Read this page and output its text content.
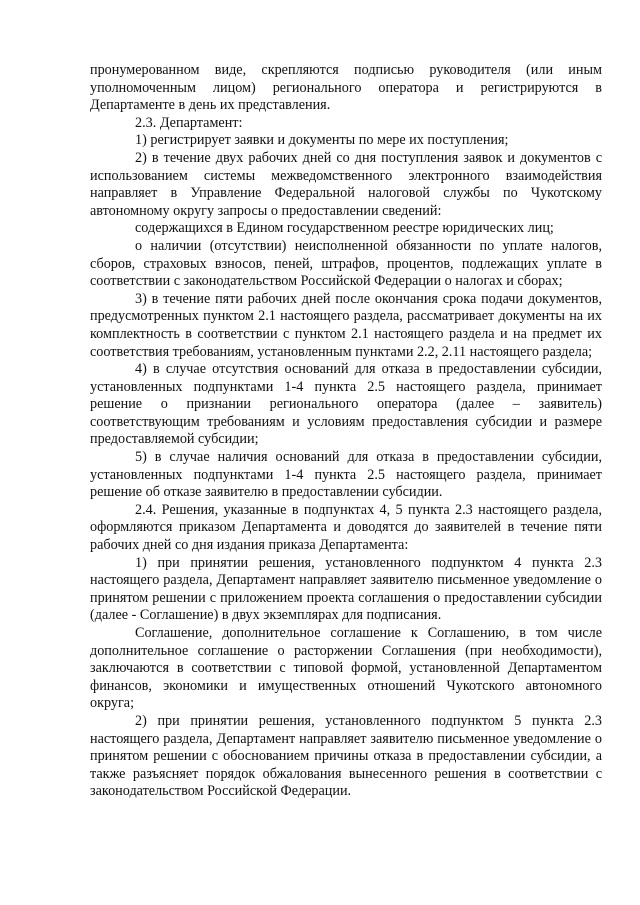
пронумерованном виде, скрепляются подписью руководителя (или иным уполномоченным лицом) регионального оператора и регистрируются в Департаменте в день их представления.

2.3. Департамент:

1) регистрирует заявки и документы по мере их поступления;

2) в течение двух рабочих дней со дня поступления заявок и документов с использованием системы межведомственного электронного взаимодействия направляет в Управление Федеральной налоговой службы по Чукотскому автономному округу запросы о предоставлении сведений:

содержащихся в Едином государственном реестре юридических лиц;

о наличии (отсутствии) неисполненной обязанности по уплате налогов, сборов, страховых взносов, пеней, штрафов, процентов, подлежащих уплате в соответствии с законодательством Российской Федерации о налогах и сборах;

3) в течение пяти рабочих дней после окончания срока подачи документов, предусмотренных пунктом 2.1 настоящего раздела, рассматривает документы на их комплектность в соответствии с пунктом 2.1 настоящего раздела и на предмет их соответствия требованиям, установленным пунктами 2.2, 2.11 настоящего раздела;

4) в случае отсутствия оснований для отказа в предоставлении субсидии, установленных подпунктами 1-4 пункта 2.5 настоящего раздела, принимает решение о признании регионального оператора (далее – заявитель) соответствующим требованиям и условиям предоставления субсидии и размере предоставляемой субсидии;

5) в случае наличия оснований для отказа в предоставлении субсидии, установленных подпунктами 1-4 пункта 2.5 настоящего раздела, принимает решение об отказе заявителю в предоставлении субсидии.

2.4. Решения, указанные в подпунктах 4, 5 пункта 2.3 настоящего раздела, оформляются приказом Департамента и доводятся до заявителей в течение пяти рабочих дней со дня издания приказа Департамента:

1) при принятии решения, установленного подпунктом 4 пункта 2.3 настоящего раздела, Департамент направляет заявителю письменное уведомление о принятом решении с приложением проекта соглашения о предоставлении субсидии (далее - Соглашение) в двух экземплярах для подписания.

Соглашение, дополнительное соглашение к Соглашению, в том числе дополнительное соглашение о расторжении Соглашения (при необходимости), заключаются в соответствии с типовой формой, установленной Департаментом финансов, экономики и имущественных отношений Чукотского автономного округа;

2) при принятии решения, установленного подпунктом 5 пункта 2.3 настоящего раздела, Департамент направляет заявителю письменное уведомление о принятом решении с обоснованием причины отказа в предоставлении субсидии, а также разъясняет порядок обжалования вынесенного решения в соответствии с законодательством Российской Федерации.
